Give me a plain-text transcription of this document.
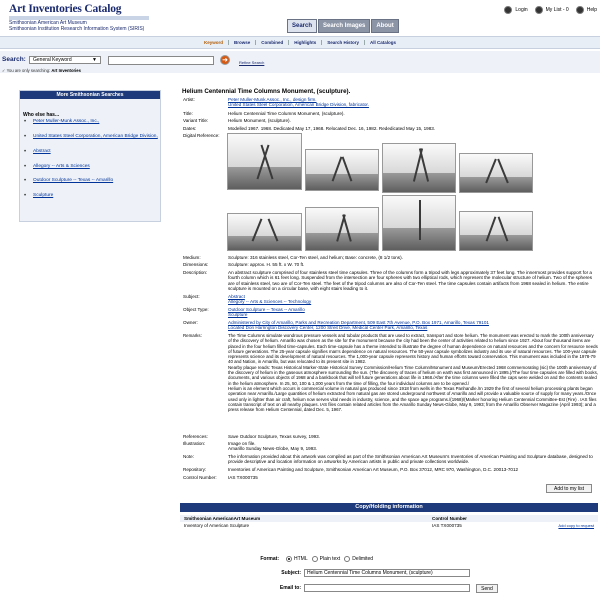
Art Inventories Catalog
Smithsonian American Art Museum
Smithsonian Institution Research Information System (SIRIS)
Login	My List - 0	Help
Search	Search Images	About
Keyword	Browse	Combined	Highlights	Search History	All Catalogs
Search:	General Keyword	▼	➜	Refine Search
✓ You are only searching: Art Inventories
More Smithsonian Searches
Who else has...
• Peter Muller-Munk Assoc., Inc.,
• United States Steel Corporation, American Bridge Division,
• Abstract
• Allegory -- Arts & Sciences
• Outdoor Sculpture -- Texas -- Amarillo
• Sculpture
Helium Centennial Time Columns Monument, (sculpture).
Artist:	Peter Muller-Munk Assoc., Inc., design firm.
United States Steel Corporation, American Bridge Division, fabricator.
Title:	Helium Centennial Time Columns Monument, (sculpture).
Variant Title:	Helium Monument, (sculpture).
Dates:	Modelled 1967. 1968. Dedicated May 17, 1968. Relocated Dec. 16, 1982. Rededicated May 15, 1983.
Digital Reference:
Medium:	Sculpture: 316 stainless steel, Cor-Ten steel, and helium; Base: concrete, (8 1/2 tons).
Dimensions:	Sculpture: approx. H. 55 ft. x W. 70 ft.
Description:	An abstract sculpture comprised of four stainless steel time capsules. Three of the columns form a tripod with legs approximately 37 feet long. The innermost provides support for a fourth column which is 61 feet long. Suspended from the intersection are four spheres with two elliptical rods, which represent the molecular structure of helium. Two of the spheres are of stainless steel, two are of Cor-Ten steel. The feet of the tripod columns are also of Cor-Ten steel. The time capsules contain artifacts from 1968 sealed in helium. The entire sculpture is mounted on a circular base, with eight stairs leading to it.
Subject:	Abstract
Allegory -- Arts & Sciences -- Technology
Object Type:	Outdoor Sculpture -- Texas -- Amarillo
Sculpture
Owner:	Administered by City of Amarillo, Parks and Recreation Department, 509 East 7th Avenue, P.O. Box 1971, Amarillo, Texas 79101
Located Don Harrington Discovery Center, 1200 Streit Drive, Medical Center Park, Amarillo, Texas
Remarks:	The Time Columns simulate wondrous pressure vessels and tubular products that are used to extract, transport and store helium. The monument was erected to mark the 100th anniversary of the discovery of helium. Amarillo was chosen as the site for the monument because the city had been the center of activities related to helium since 1927. About four thousand items are placed in the four helium filled time-capsules. Each time-capsule has a theme intended to illustrate the degree of human dependence on natural resources and the concern for resource needs of future generations. The 25-year capsule signifies man's dependence on natural resources. The 50-year capsule symbolizes industry and its use of natural resources. The 100-year capsule represents science and its development of natural resources. The 1,000-year capsule represents history and human efforts toward conservation. This monument was included in the 1978-79 40 and Nation, in Amarillo, but was relocated to its present site in 1982.
Nearby plaque reads: Texas Historical Marker-State Historical Survey Commission/Helium Time Column/Monument and Museum/Erected 1968 commemorating (sic) the 100th anniversary of the discovery of helium in the gaseous atmosphere surrounding the sun. (The discovery of traces of helium on earth was first announced in 1895.)/The four time capsules are filled with books, documents, and various objects of 1968 and a bankbook that will tell future generations about life in 1968./After the time columns were filled the caps were welded on and the contents sealed in the helium atmosphere. In 25, 50, 100 & 1,000 years from the time of filling, the four individual columns are to be opened./
Helium is an element which occurs in commercial volume in natural gas produced since 1918 from wells in the Texas Panhandle./In 1929 the first of several helium processing plants began operation near Amarillo./Large quantities of helium extracted from natural gas are stored underground northwest of Amarillo and will provide a valuable source of supply for many years./Once used only in lighter than air craft, helium now serves vital needs in industry, science, and the space age programs./(1968)/(Marker honoring Helium Centennial Committee-Est (Fire) . IAS files contain transcript of text on all nearby plaques. IAS files contain related articles from the Amarillo Sunday News-Globe, May 9, 1993; from the Amarillo Observer Magazine (April 1993); and a press release from Helium Centennial, dated Dec. 5, 1967.
References:	Save Outdoor Sculpture, Texas survey, 1993.
Illustration:	Image on file.
Amarillo Sunday News-Globe, May 9, 1993.
Note:	The information provided about this artwork was compiled as part of the Smithsonian American Art Museum's Inventories of American Painting and Sculpture database, designed to provide descriptive and location information on artworks by American artists in public and private collections worldwide.
Repository:	Inventories of American Painting and Sculpture, Smithsonian American Art Museum, P.O. Box 37012, MRC 970, Washington, D.C. 20013-7012
Control Number:	IAS TX000735
Add to my list
Copy/Holding information
Smithsonian AmericanArt Museum	Control Number
Inventory of American Sculpture	IAS TX000735	Add copy to request
Format:	HTML Plain text Delimited
Subject:	Helium Centennial Time Columns Monument, (sculpture)
Email to:	Send
